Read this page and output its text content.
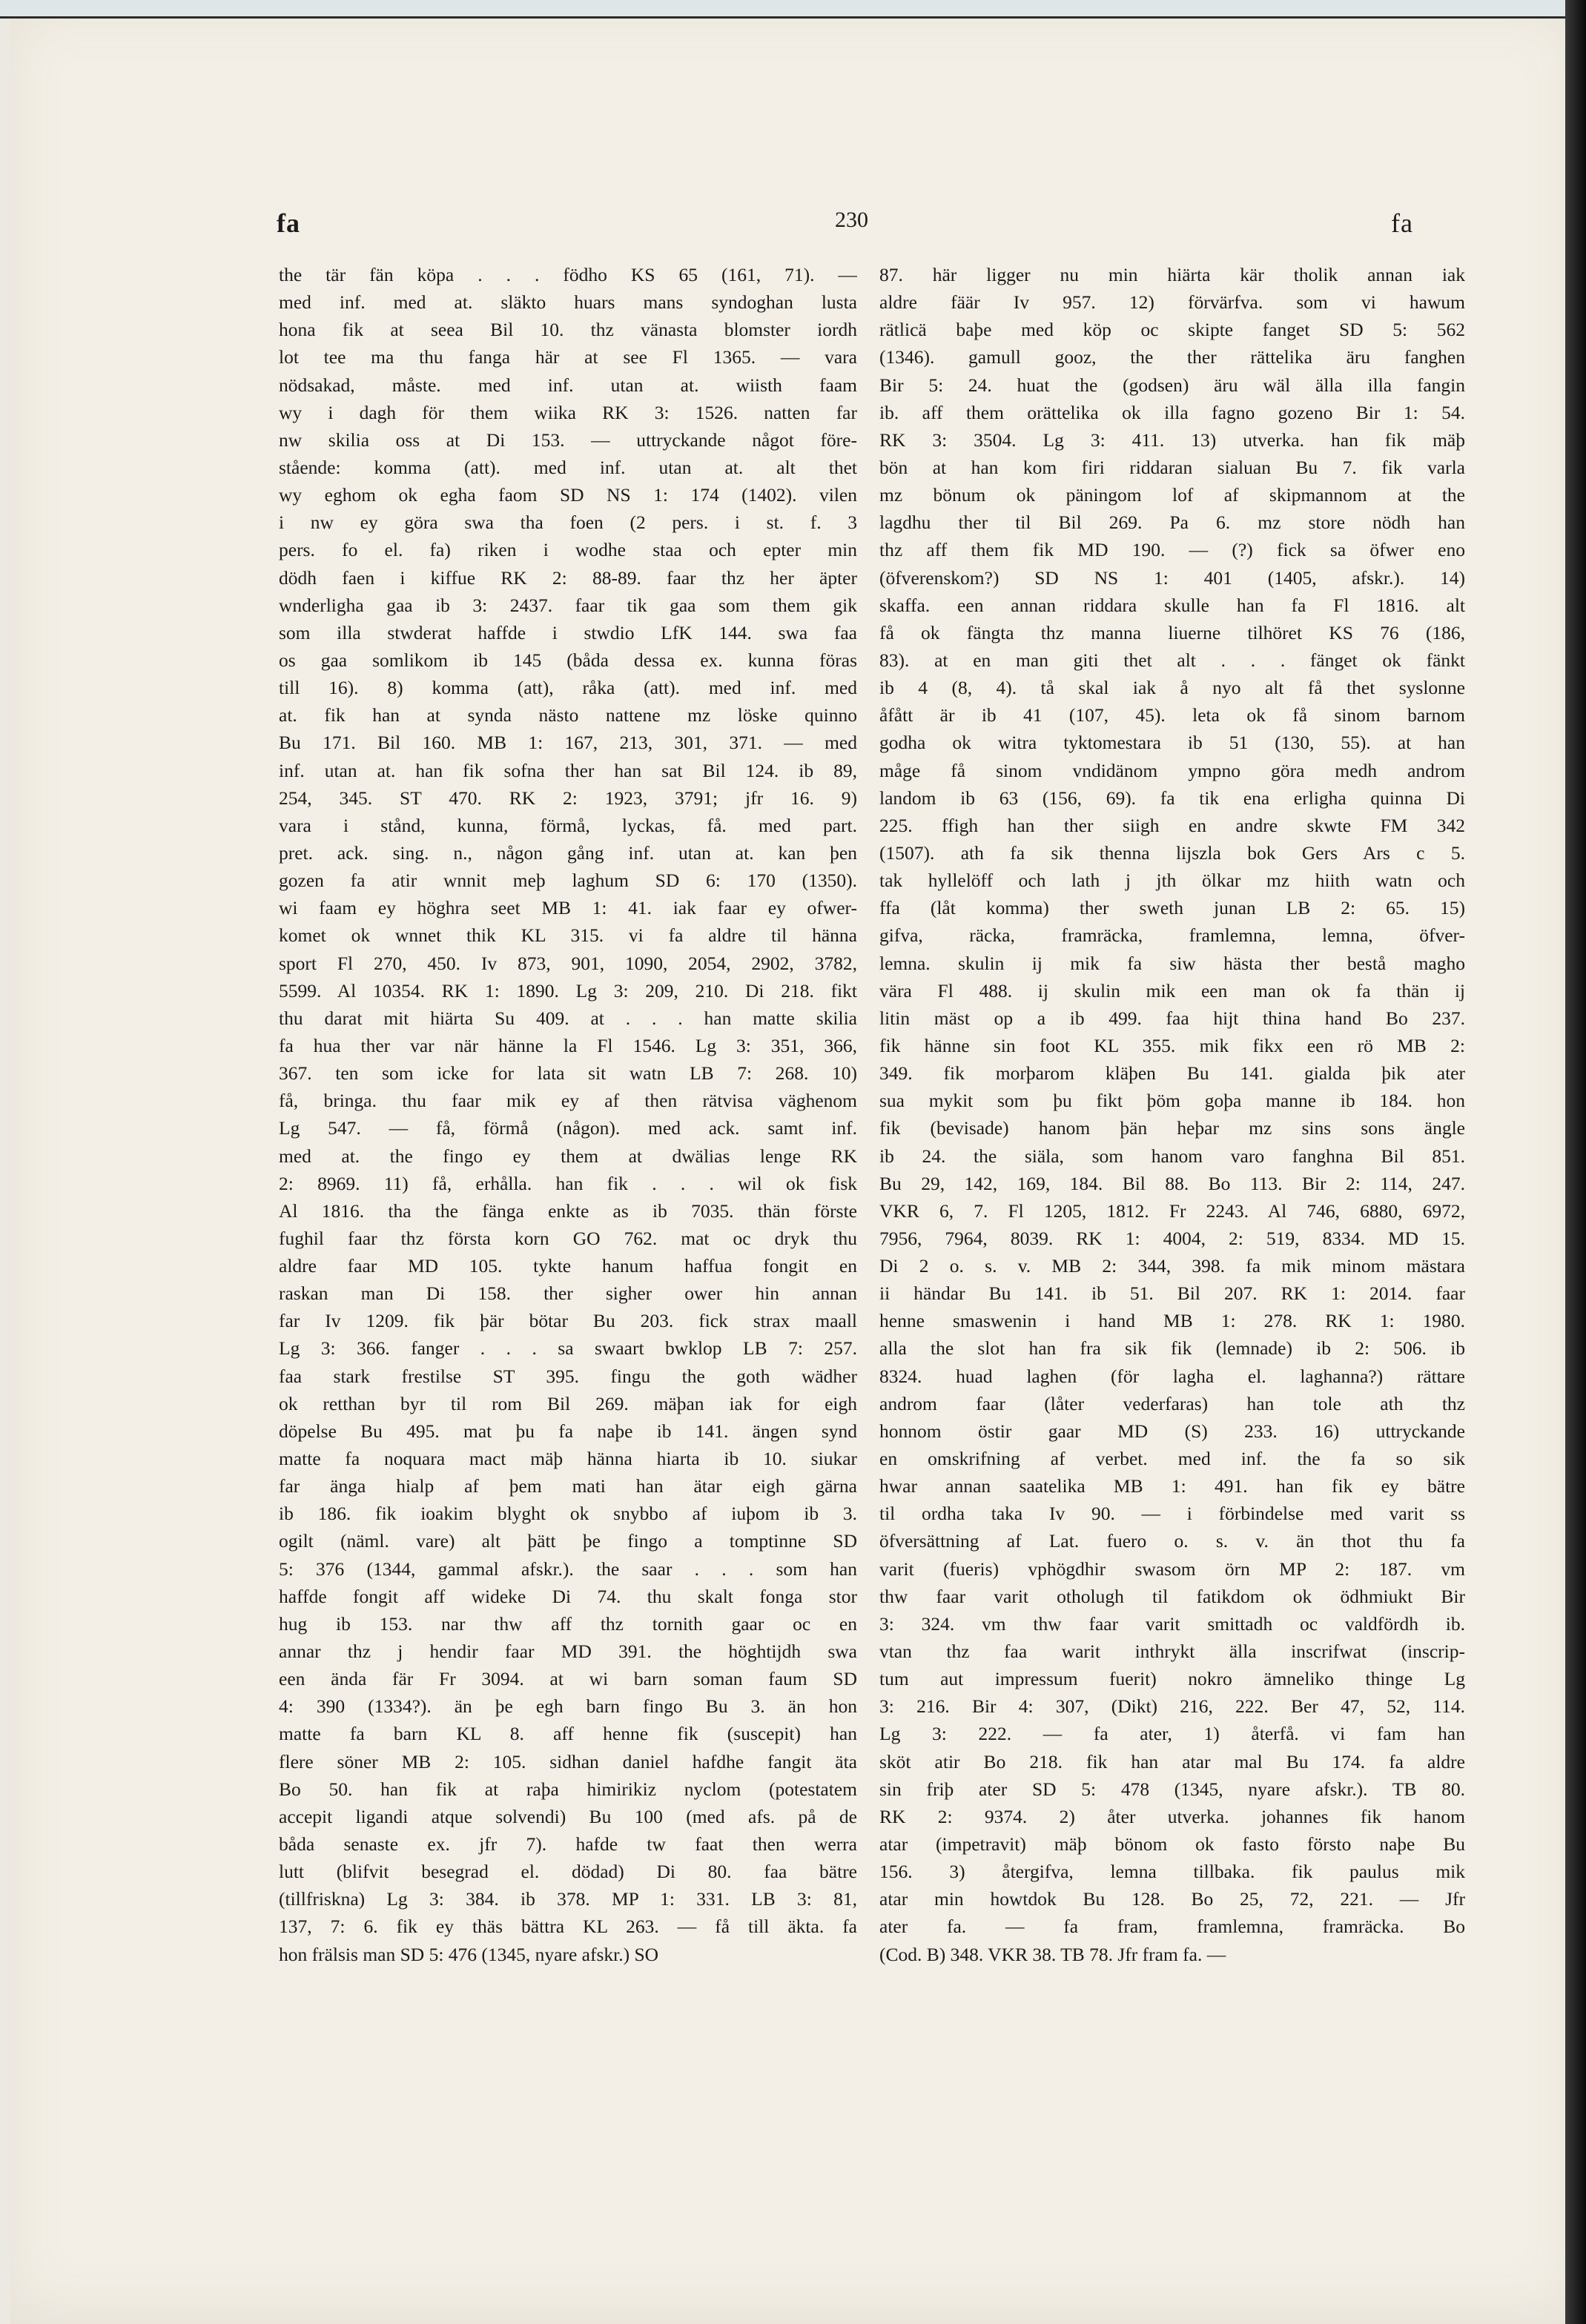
fa	230	fa
the tär fän köpa . . . födho KS 65 (161, 71). —
med inf. med at. släkto huars mans syndoghan lusta
hona fik at seea Bil 10. thz vänasta blomster iordh
lot tee ma thu fanga här at see Fl 1365. — vara
nödsakad, måste. med inf. utan at. wiisth faam
wy i dagh för them wiika RK 3: 1526. natten far
nw skilia oss at Di 153. — uttryckande något före-
stående: komma (att). med inf. utan at. alt thet
wy eghom ok egha faom SD NS 1: 174 (1402). vilen
i nw ey göra swa tha foen (2 pers. i st. f. 3
pers. fo el. fa) riken i wodhe staa och epter min
dödh faen i kiffue RK 2: 88-89. faar thz her äpter
wnderligha gaa ib 3: 2437. faar tik gaa som them gik
som illa stwderat haffde i stwdio LfK 144. swa faa
os gaa somlikom ib 145 (båda dessa ex. kunna föras
till 16). 8) komma (att), råka (att). med inf. med
at. fik han at synda nästo nattene mz löske quinno
Bu 171. Bil 160. MB 1: 167, 213, 301, 371. — med
inf. utan at. han fik sofna ther han sat Bil 124. ib 89,
254, 345. ST 470. RK 2: 1923, 3791; jfr 16. 9)
vara i stånd, kunna, förmå, lyckas, få. med part.
pret. ack. sing. n., någon gång inf. utan at. kan þen
gozen fa atir wnnit meþ laghum SD 6: 170 (1350).
wi faam ey höghra seet MB 1: 41. iak faar ey ofwer-
komet ok wnnet thik KL 315. vi fa aldre til hänna
sport Fl 270, 450. Iv 873, 901, 1090, 2054, 2902, 3782,
5599. Al 10354. RK 1: 1890. Lg 3: 209, 210. Di 218. fikt
thu darat mit hiärta Su 409. at . . . han matte skilia
fa hua ther var när hänne la Fl 1546. Lg 3: 351, 366,
367. ten som icke for lata sit watn LB 7: 268. 10)
få, bringa. thu faar mik ey af then rätvisa väghenom
Lg 547. — få, förmå (någon). med ack. samt inf.
med at. the fingo ey them at dwälias lenge RK
2: 8969. 11) få, erhålla. han fik . . . wil ok fisk
Al 1816. tha the fänga enkte as ib 7035. thän förste
fughil faar thz första korn GO 762. mat oc dryk thu
aldre faar MD 105. tykte hanum haffua fongit en
raskan man Di 158. ther sigher ower hin annan
far Iv 1209. fik þär bötar Bu 203. fick strax maall
Lg 3: 366. fanger . . . sa swaart bwklop LB 7: 257.
faa stark frestilse ST 395. fingu the goth wädher
ok retthan byr til rom Bil 269. mäþan iak for eigh
döpelse Bu 495. mat þu fa naþe ib 141. ängen synd
matte fa noquara mact mäþ hänna hiarta ib 10. siukar
far änga hialp af þem mati han ätar eigh gärna
ib 186. fik ioakim blyght ok snybbo af iuþom ib 3.
ogilt (näml. vare) alt þätt þe fingo a tomptinne SD
5: 376 (1344, gammal afskr.). the saar . . . som han
haffde fongit aff wideke Di 74. thu skalt fonga stor
hug ib 153. nar thw aff thz tornith gaar oc en
annar thz j hendir faar MD 391. the höghtijdh swa
een ända fär Fr 3094. at wi barn soman faum SD
4: 390 (1334?). än þe egh barn fingo Bu 3. än hon
matte fa barn KL 8. aff henne fik (suscepit) han
flere söner MB 2: 105. sidhan daniel hafdhe fangit äta
Bo 50. han fik at raþa himirikiz nyclom (potestatem
accepit ligandi atque solvendi) Bu 100 (med afs. på de
båda senaste ex. jfr 7). hafde tw faat then werra
lutt (blifvit besegrad el. dödad) Di 80. faa bätre
(tillfriskna) Lg 3: 384. ib 378. MP 1: 331. LB 3: 81,
137, 7: 6. fik ey thäs bättra KL 263. — få till äkta. fa
hon frälsis man SD 5: 476 (1345, nyare afskr.) SO
87. här ligger nu min hiärta kär tholik annan iak
aldre fäär Iv 957. 12) förvärfva. som vi hawum
rätlicä baþe med köp oc skipte fanget SD 5: 562
(1346). gamull gooz, the ther rättelika äru fanghen
Bir 5: 24. huat the (godsen) äru wäl älla illa fangin
ib. aff them orättelika ok illa fagno gozeno Bir 1: 54.
RK 3: 3504. Lg 3: 411. 13) utverka. han fik mäþ
bön at han kom firi riddaran sialuan Bu 7. fik varla
mz bönum ok päningom lof af skipmannom at the
lagdhu ther til Bil 269. Pa 6. mz store nödh han
thz aff them fik MD 190. — (?) fick sa öfwer eno
(öfverenskom?) SD NS 1: 401 (1405, afskr.). 14)
skaffa. een annan riddara skulle han fa Fl 1816. alt
få ok fängta thz manna liuerne tilhöret KS 76 (186,
83). at en man giti thet alt . . . fänget ok fänkt
ib 4 (8, 4). tå skal iak å nyo alt få thet syslonne
åfått är ib 41 (107, 45). leta ok få sinom barnom
godha ok witra tyktomestara ib 51 (130, 55). at han
måge få sinom vndidänom ympno göra medh androm
landom ib 63 (156, 69). fa tik ena erligha quinna Di
225. ffigh han ther siigh en andre skwte FM 342
(1507). ath fa sik thenna lijszla bok Gers Ars c 5.
tak hyllelöff och lath j jth ölkar mz hiith watn och
ffa (låt komma) ther sweth junan LB 2: 65. 15)
gifva, räcka, framräcka, framlemna, lemna, öfver-
lemna. skulin ij mik fa siw hästa ther bestå magho
vära Fl 488. ij skulin mik een man ok fa thän ij
litin mäst op a ib 499. faa hijt thina hand Bo 237.
fik hänne sin foot KL 355. mik fikx een rö MB 2:
349. fik morþarom kläþen Bu 141. gialda þik ater
sua mykit som þu fikt þöm goþa manne ib 184. hon
fik (bevisade) hanom þän heþar mz sins sons ängle
ib 24. the siäla, som hanom varo fanghna Bil 851.
Bu 29, 142, 169, 184. Bil 88. Bo 113. Bir 2: 114, 247.
VKR 6, 7. Fl 1205, 1812. Fr 2243. Al 746, 6880, 6972,
7956, 7964, 8039. RK 1: 4004, 2: 519, 8334. MD 15.
Di 2 o. s. v. MB 2: 344, 398. fa mik minom mästara
ii händar Bu 141. ib 51. Bil 207. RK 1: 2014. faar
henne smaswenin i hand MB 1: 278. RK 1: 1980.
alla the slot han fra sik fik (lemnade) ib 2: 506. ib
8324. huad laghen (för lagha el. laghanna?) rättare
androm faar (låter vederfaras) han tole ath thz
honnom östir gaar MD (S) 233. 16) uttryckande
en omskrifning af verbet. med inf. the fa so sik
hwar annan saatelika MB 1: 491. han fik ey bätre
til ordha taka Iv 90. — i förbindelse med varit ss
öfversättning af Lat. fuero o. s. v. än thot thu fa
varit (fueris) vphögdhir swasom örn MP 2: 187. vm
thw faar varit otholugh til fatikdom ok ödhmiukt Bir
3: 324. vm thw faar varit smittadh oc valdfördh ib.
vtan thz faa warit inthrykt älla inscrifwat (inscrip-
tum aut impressum fuerit) nokro ämneliko thinge Lg
3: 216. Bir 4: 307, (Dikt) 216, 222. Ber 47, 52, 114.
Lg 3: 222. — fa ater, 1) återfå. vi fam han
sköt atir Bo 218. fik han atar mal Bu 174. fa aldre
sin friþ ater SD 5: 478 (1345, nyare afskr.). TB 80.
RK 2: 9374. 2) åter utverka. johannes fik hanom
atar (impetravit) mäþ bönom ok fasto försto naþe Bu
156. 3) återgifva, lemna tillbaka. fik paulus mik
atar min howtdok Bu 128. Bo 25, 72, 221. — Jfr
ater fa. — fa fram, framlemna, framräcka. Bo
(Cod. B) 348. VKR 38. TB 78. Jfr fram fa. —
